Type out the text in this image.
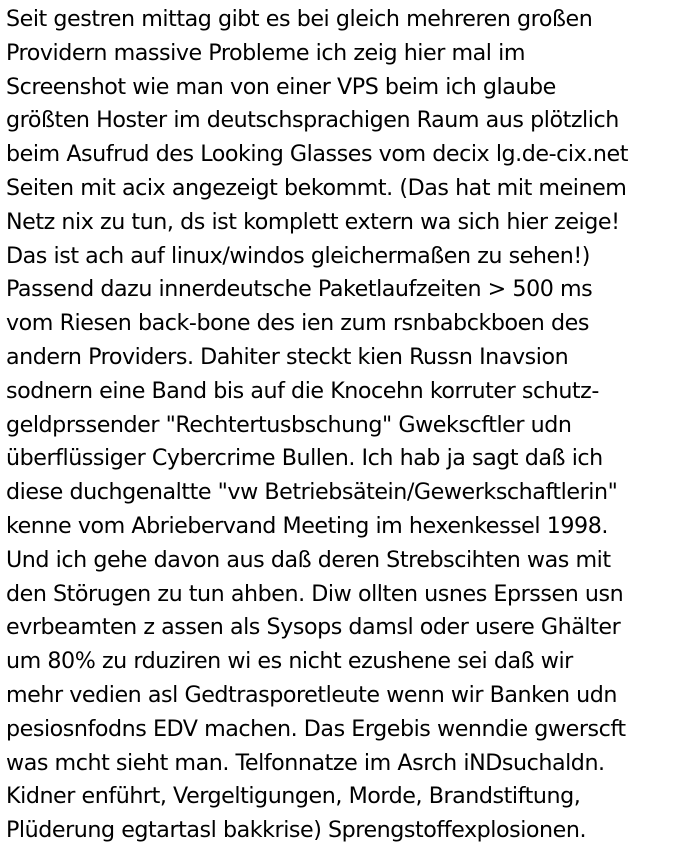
Seit gestren mittag gibt es bei gleich mehreren großen
Providern massive Probleme ich zeig hier mal im
Screenshot wie man von einer VPS beim ich glaube
größten Hoster im deutschsprachigen Raum aus plötzlich
beim Asufrud des Looking Glasses vom decix lg.de-cix.net
Seiten mit acix angezeigt bekommt. (Das hat mit meinem
Netz nix zu tun, ds ist komplett extern wa sich hier zeige!
Das ist ach auf linux/windos gleichermaßen zu sehen!)
Passend dazu innerdeutsche Paketlaufzeiten > 500 ms
vom Riesen back-bone des ien zum rsnbabckboen des
andern Providers. Dahiter steckt kien Russn Inavsion
sodnern eine Band bis auf die Knocehn korruter schutz-
geldprssender "Rechtertusbschung" Gwekscftler udn
überflüssiger Cybercrime Bullen. Ich hab ja sagt daß ich
diese duchgenaltte "vw Betriebsätein/Gewerkschaftlerin"
kenne vom Abriebervand Meeting im hexenkessel 1998.
Und ich gehe davon aus daß deren Strebscihten was mit
den Störugen zu tun ahben. Diw ollten usnes Eprssen usn
evrbeamten z assen als Sysops damsl oder usere Ghälter
um 80% zu rduziren wi es nicht ezushene sei daß wir
mehr vedien asl Gedtrasporetleute wenn wir Banken udn
pesiosnfodns EDV machen. Das Ergebis wenndie gwerscft
was mcht sieht man. Telfonnatze im Asrch iNDsuchaldn.
Kidner enführt, Vergeltigungen, Morde, Brandstiftung,
Plüderung egtartasl bakkrise) Sprengstoffexplosionen.
